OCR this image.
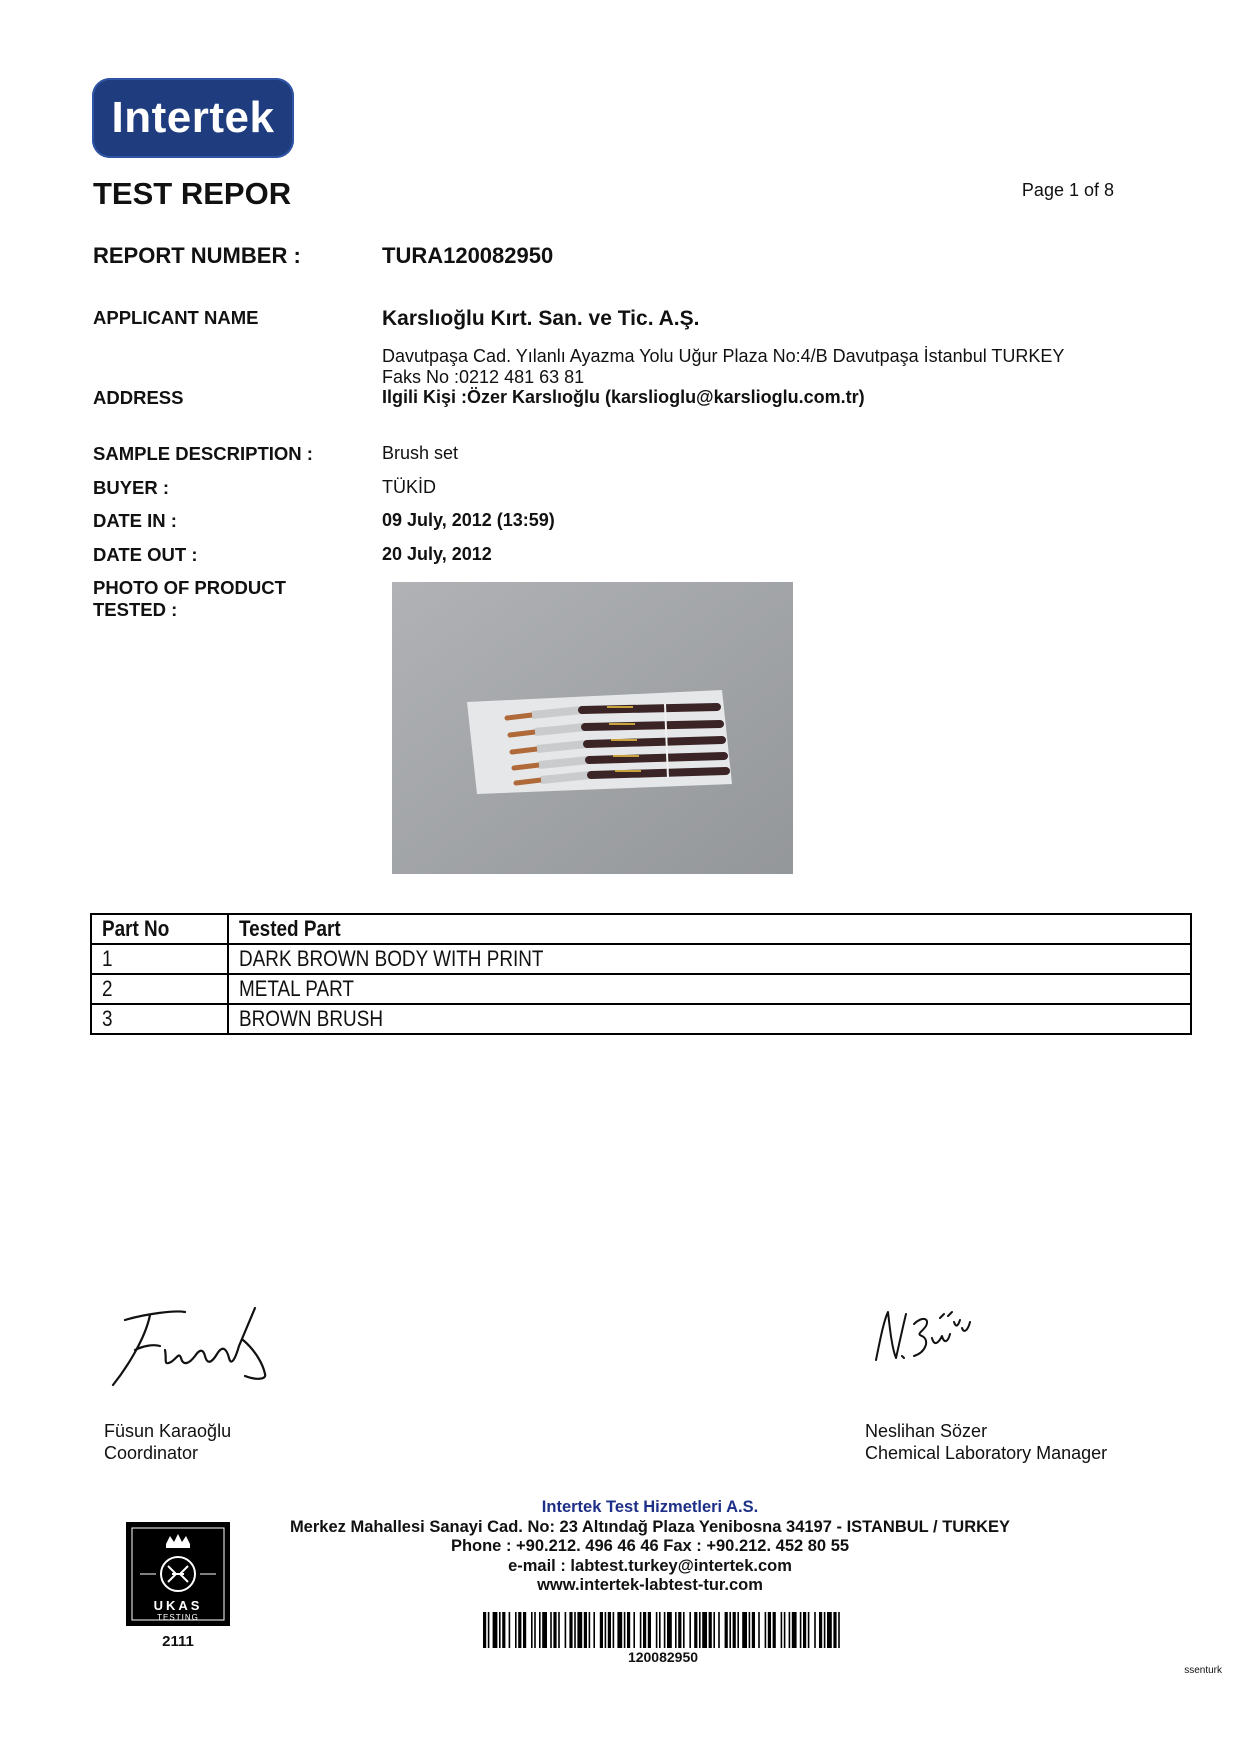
Intertek
TEST REPOR	Page 1 of 8
REPORT NUMBER :	TURA120082950
APPLICANT NAME	Karslıoğlu Kırt. San. ve Tic. A.Ş.
Davutpaşa Cad. Yılanlı Ayazma Yolu Uğur Plaza No:4/B Davutpaşa İstanbul TURKEY
Faks No :0212 481 63 81
ADDRESS	Ilgili Kişi :Özer Karslıoğlu (karslioglu@karslioglu.com.tr)
SAMPLE DESCRIPTION :	Brush set
BUYER :	TÜKİD
DATE IN :	09 July, 2012 (13:59)
DATE OUT :	20 July, 2012
PHOTO OF PRODUCT
TESTED :
Part No	Tested Part
1	DARK BROWN BODY WITH PRINT
2	METAL PART
3	BROWN BRUSH
Füsun Karaoğlu
Coordinator
Neslihan Sözer
Chemical Laboratory Manager
UKAS
TESTING
2111
Intertek Test Hizmetleri A.S.
Merkez Mahallesi Sanayi Cad. No: 23 Altındağ Plaza Yenibosna 34197 - ISTANBUL / TURKEY
Phone : +90.212. 496 46 46 Fax : +90.212. 452 80 55
e-mail : labtest.turkey@intertek.com
www.intertek-labtest-tur.com
120082950
ssenturk
